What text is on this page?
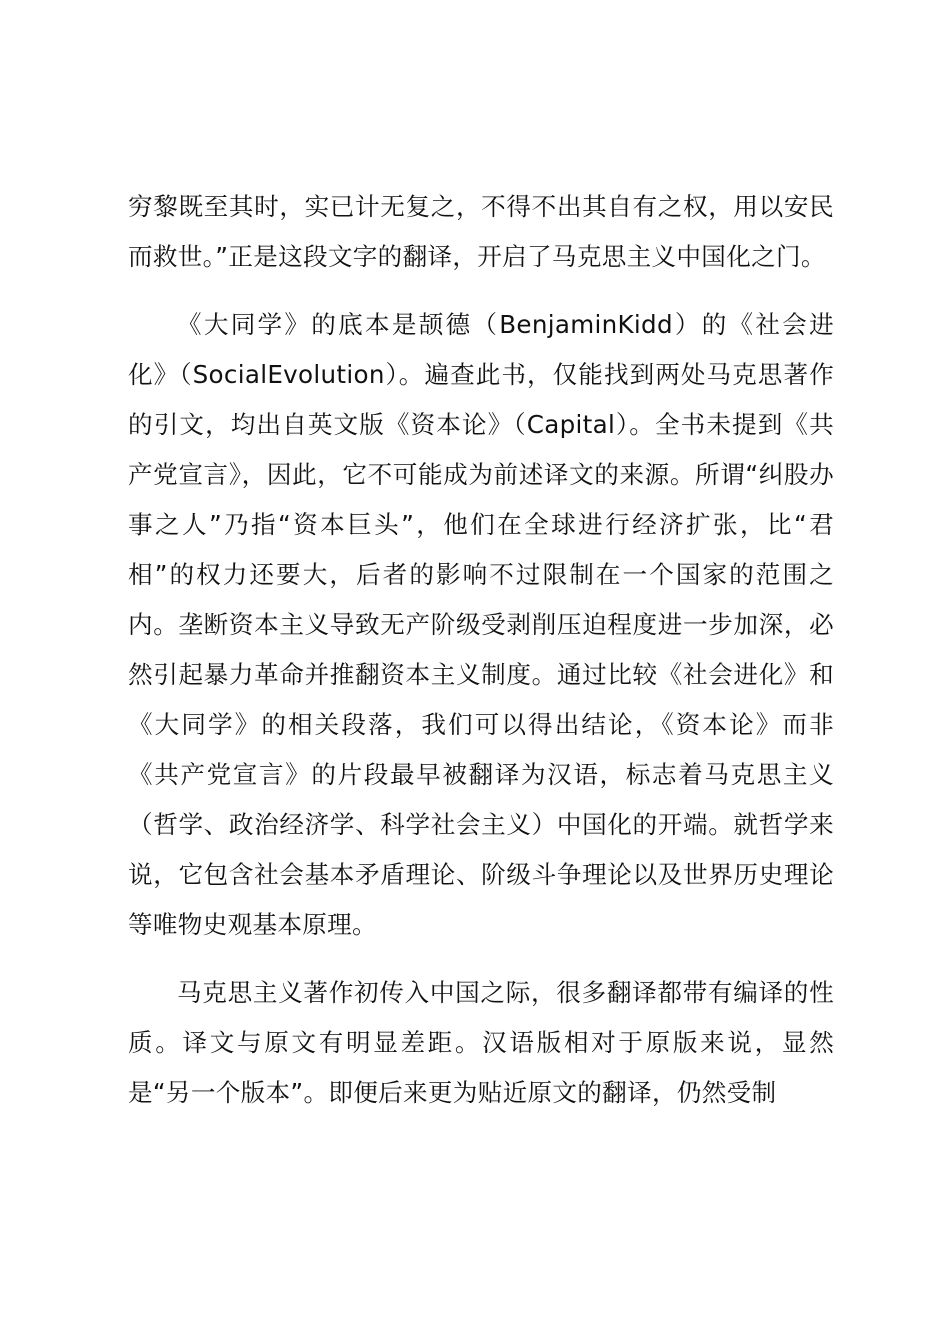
穷黎既至其时，实已计无复之，不得不出其自有之权，用以安民而救世。”正是这段文字的翻译，开启了马克思主义中国化之门。

《大同学》的底本是颉德（BenjaminKidd）的《社会进化》（SocialEvolution）。遍查此书，仅能找到两处马克思著作的引文，均出自英文版《资本论》（Capital）。全书未提到《共产党宣言》，因此，它不可能成为前述译文的来源。所谓“纠股办事之人”乃指“资本巨头”，他们在全球进行经济扩张，比“君相”的权力还要大，后者的影响不过限制在一个国家的范围之内。垄断资本主义导致无产阶级受剥削压迫程度进一步加深，必然引起暴力革命并推翻资本主义制度。通过比较《社会进化》和《大同学》的相关段落，我们可以得出结论，《资本论》而非《共产党宣言》的片段最早被翻译为汉语，标志着马克思主义（哲学、政治经济学、科学社会主义）中国化的开端。就哲学来说，它包含社会基本矛盾理论、阶级斗争理论以及世界历史理论等唯物史观基本原理。

马克思主义著作初传入中国之际，很多翻译都带有编译的性质。译文与原文有明显差距。汉语版相对于原版来说，显然是“另一个版本”。即便后来更为贴近原文的翻译，仍然受制
